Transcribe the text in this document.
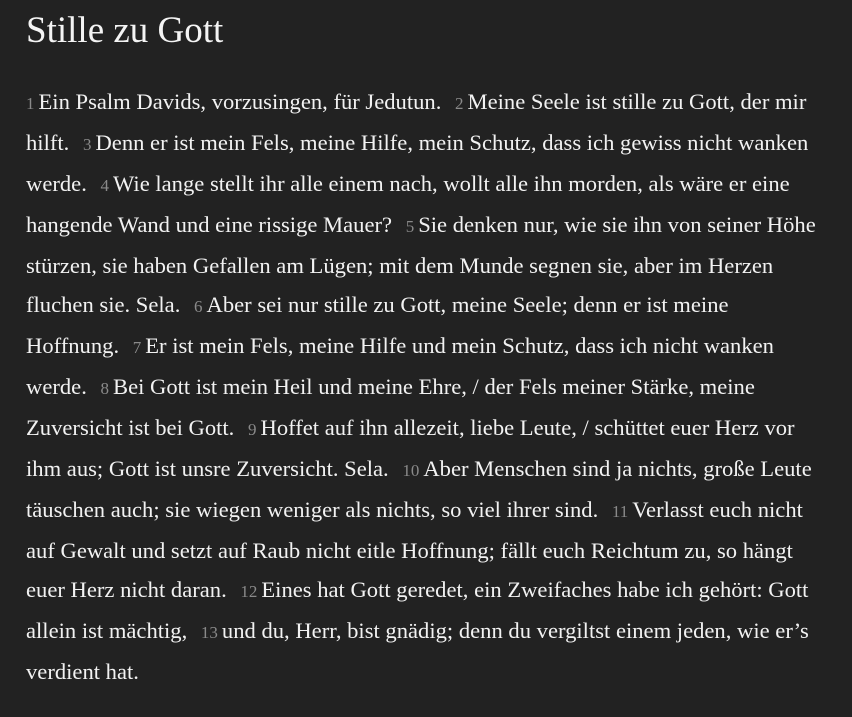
Stille zu Gott

1 Ein Psalm Davids, vorzusingen, für Jedutun. 2 Meine Seele ist stille zu Gott, der mir hilft. 3 Denn er ist mein Fels, meine Hilfe, mein Schutz, dass ich gewiss nicht wanken werde. 4 Wie lange stellt ihr alle einem nach, wollt alle ihn morden, als wäre er eine hangende Wand und eine rissige Mauer? 5 Sie denken nur, wie sie ihn von seiner Höhe stürzen, sie haben Gefallen am Lügen; mit dem Munde segnen sie, aber im Herzen fluchen sie. Sela. 6 Aber sei nur stille zu Gott, meine Seele; denn er ist meine Hoffnung. 7 Er ist mein Fels, meine Hilfe und mein Schutz, dass ich nicht wanken werde. 8 Bei Gott ist mein Heil und meine Ehre, / der Fels meiner Stärke, meine Zuversicht ist bei Gott. 9 Hoffet auf ihn allezeit, liebe Leute, / schüttet euer Herz vor ihm aus; Gott ist unsre Zuversicht. Sela. 10 Aber Menschen sind ja nichts, große Leute täuschen auch; sie wiegen weniger als nichts, so viel ihrer sind. 11 Verlasst euch nicht auf Gewalt und setzt auf Raub nicht eitle Hoffnung; fällt euch Reichtum zu, so hängt euer Herz nicht daran. 12 Eines hat Gott geredet, ein Zweifaches habe ich gehört: Gott allein ist mächtig, 13 und du, Herr, bist gnädig; denn du vergiltst einem jeden, wie er’s verdient hat.
